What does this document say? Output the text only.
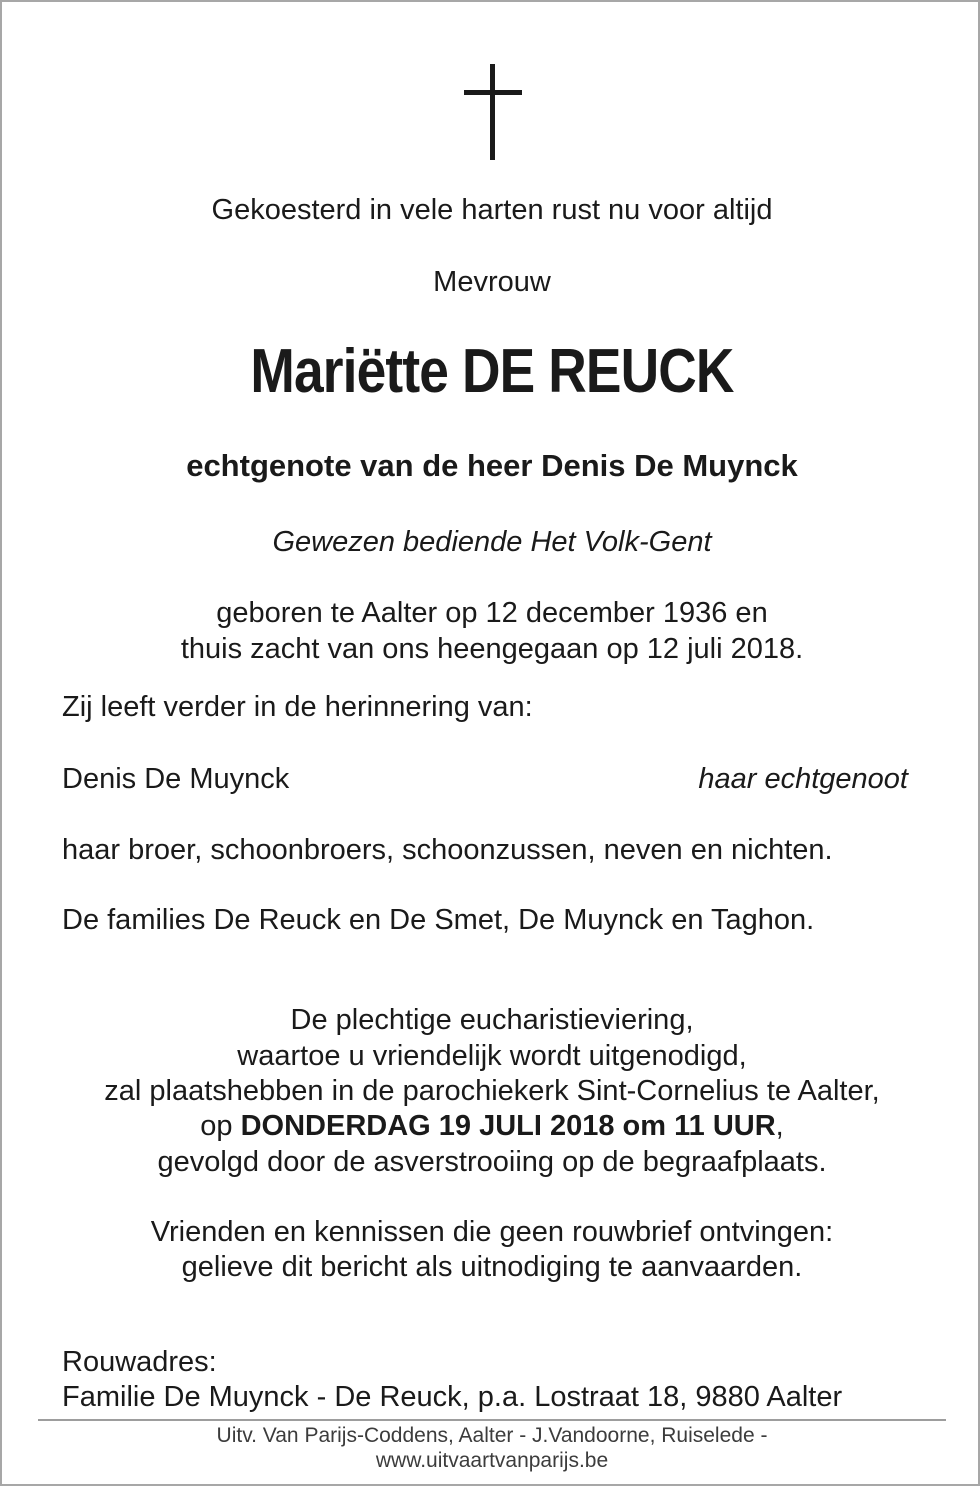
Gekoesterd in vele harten rust nu voor altijd
Mevrouw
Mariëtte DE REUCK
echtgenote van de heer Denis De Muynck
Gewezen bediende Het Volk-Gent
geboren te Aalter op 12 december 1936 en
thuis zacht van ons heengegaan op 12 juli 2018.
Zij leeft verder in de herinnering van:
Denis De Muynck	haar echtgenoot
haar broer, schoonbroers, schoonzussen, neven en nichten.
De families De Reuck en De Smet, De Muynck en Taghon.
De plechtige eucharistieviering,
waartoe u vriendelijk wordt uitgenodigd,
zal plaatshebben in de parochiekerk Sint-Cornelius te Aalter,
op DONDERDAG 19 JULI 2018 om 11 UUR,
gevolgd door de asverstrooiing op de begraafplaats.
Vrienden en kennissen die geen rouwbrief ontvingen:
gelieve dit bericht als uitnodiging te aanvaarden.
Rouwadres:
Familie De Muynck - De Reuck, p.a. Lostraat 18, 9880 Aalter
Uitv. Van Parijs-Coddens, Aalter - J.Vandoorne, Ruiselede -
www.uitvaartvanparijs.be
